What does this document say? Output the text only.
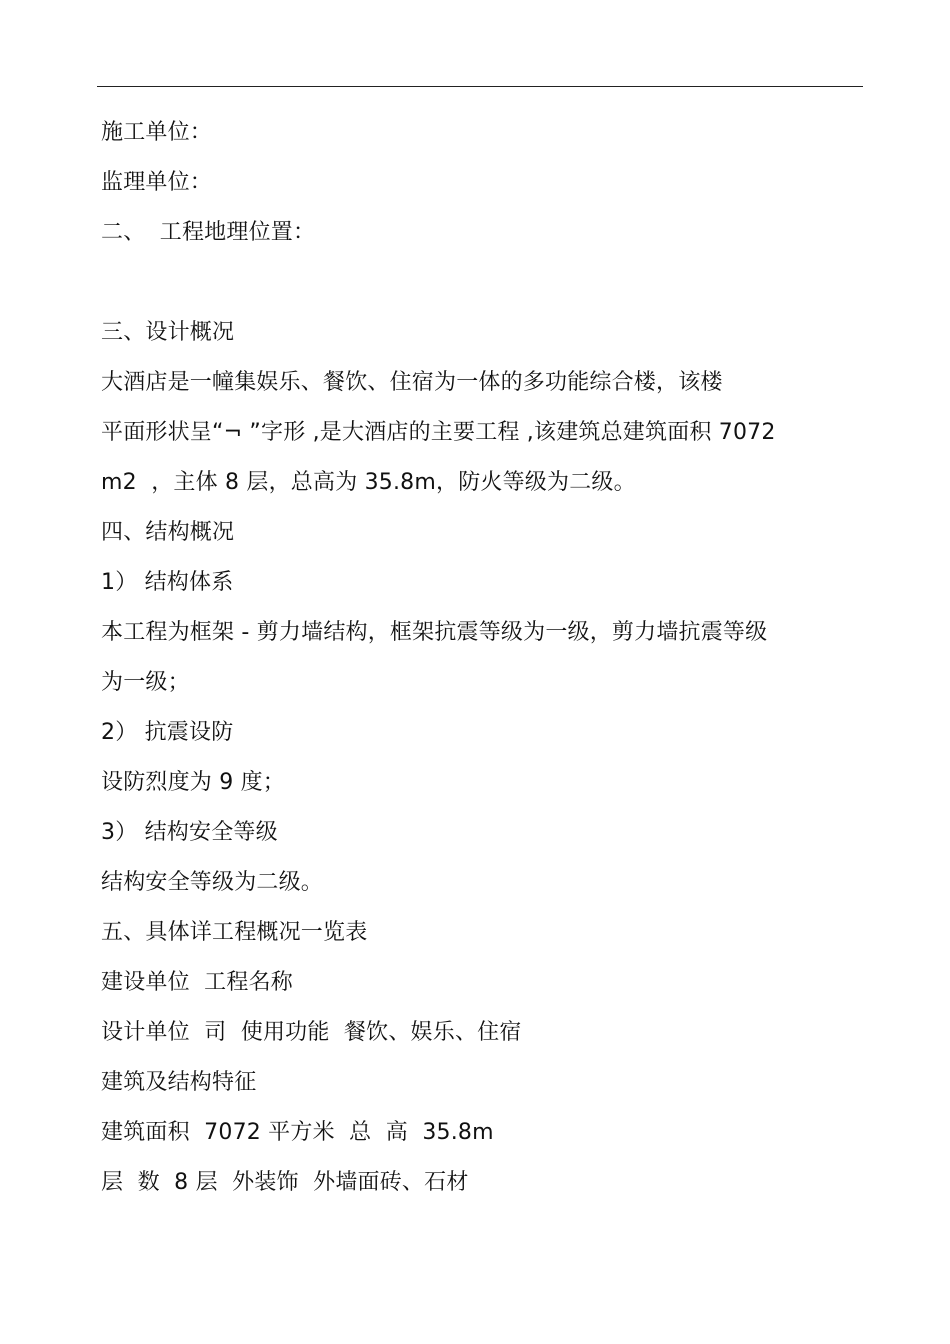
施工单位：
监理单位：
二、  工程地理位置：
三、设计概况
大酒店是一幢集娱乐、餐饮、住宿为一体的多功能综合楼，该楼
平面形状呈“¬ ”字形 ,是大酒店的主要工程 ,该建筑总建筑面积 7072
m2  ，主体 8 层，总高为 35.8m，防火等级为二级。
四、结构概况
1） 结构体系
本工程为框架 - 剪力墙结构，框架抗震等级为一级，剪力墙抗震等级
为一级；
2） 抗震设防
设防烈度为 9 度；
3） 结构安全等级
结构安全等级为二级。
五、具体详工程概况一览表
建设单位  工程名称
设计单位  司  使用功能  餐饮、娱乐、住宿
建筑及结构特征
建筑面积  7072 平方米  总  高  35.8m
层  数  8 层  外装饰  外墙面砖、石材
